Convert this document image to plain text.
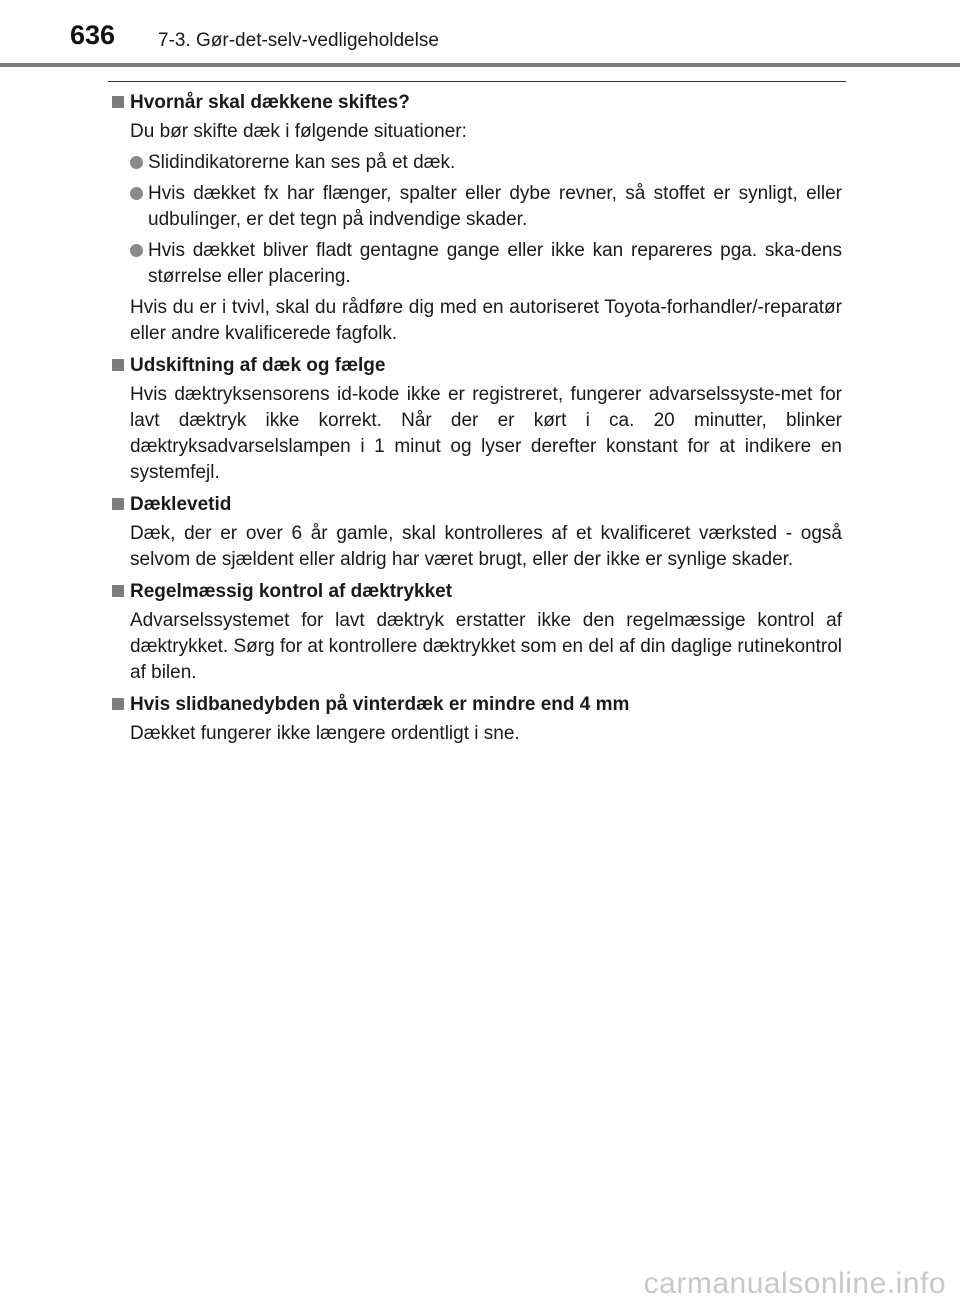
636 7-3. Gør-det-selv-vedligeholdelse
Hvornår skal dækkene skiftes?
Du bør skifte dæk i følgende situationer:
Slidindikatorerne kan ses på et dæk.
Hvis dækket fx har flænger, spalter eller dybe revner, så stoffet er synligt, eller udbulinger, er det tegn på indvendige skader.
Hvis dækket bliver fladt gentagne gange eller ikke kan repareres pga. ska-dens størrelse eller placering.
Hvis du er i tvivl, skal du rådføre dig med en autoriseret Toyota-forhandler/-reparatør eller andre kvalificerede fagfolk.
Udskiftning af dæk og fælge
Hvis dæktryksensorens id-kode ikke er registreret, fungerer advarselssyste-met for lavt dæktryk ikke korrekt. Når der er kørt i ca. 20 minutter, blinker dæktryksadvarselslampen i 1 minut og lyser derefter konstant for at indikere en systemfejl.
Dæklevetid
Dæk, der er over 6 år gamle, skal kontrolleres af et kvalificeret værksted - også selvom de sjældent eller aldrig har været brugt, eller der ikke er synlige skader.
Regelmæssig kontrol af dæktrykket
Advarselssystemet for lavt dæktryk erstatter ikke den regelmæssige kontrol af dæktrykket. Sørg for at kontrollere dæktrykket som en del af din daglige rutinekontrol af bilen.
Hvis slidbanedybden på vinterdæk er mindre end 4 mm
Dækket fungerer ikke længere ordentligt i sne.
carmanualsonline.info
